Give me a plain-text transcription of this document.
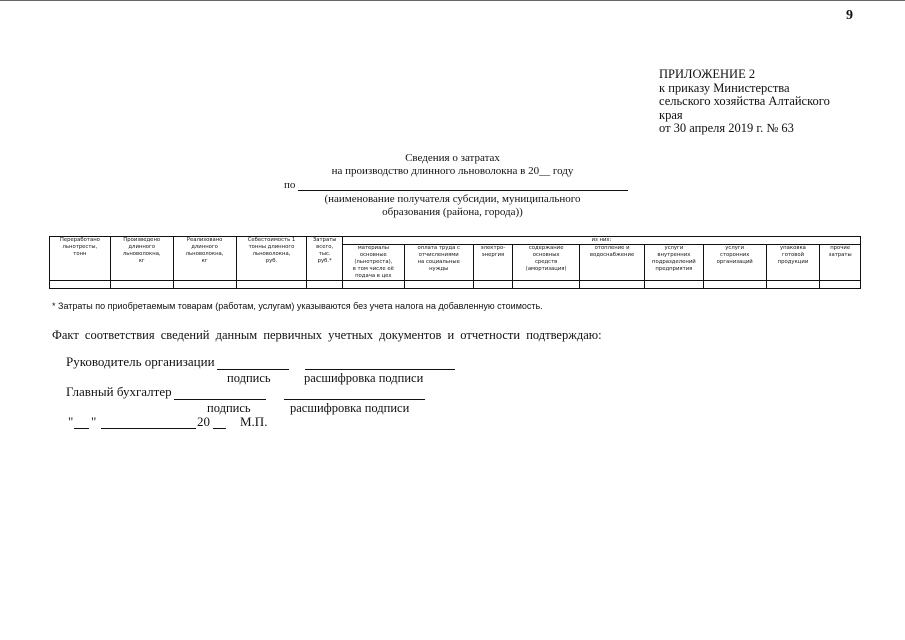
9
ПРИЛОЖЕНИЕ 2
к приказу Министерства
сельского хозяйства Алтайского
края
от 30 апреля 2019 г. № 63
Сведения о затратах
на производство длинного льноволокна в 20__ году
по
(наименование получателя субсидии, муниципального
образования (района, города))
Переработано
льнотресты,
тонн	Произведено
длинного
льноволокна,
кг	Реализовано
длинного
льноволокна,
кг	Себестоимость 1
тонны длинного
льноволокна,
руб.	Затраты
всего,
тыс.
руб.*	из них:								

					материалы
основные
(льнотреста),
в том числе её
подача в цех	оплата труда с
отчислениями
на социальные
нужды	электро-
энергия	содержание
основных
средств
(амортизация)	отопление и
водоснабжение	услуги
внутренних
подразделений
предприятия	услуги
сторонних
организаций	упаковка
готовой
продукции	прочие
затраты

* Затраты по приобретаемым товарам (работам, услугам) указываются без учета налога на добавленную стоимость.
Факт соответствия сведений данным первичных учетных документов и отчетности подтверждаю:
Руководитель организации
подпись	расшифровка подписи
Главный бухгалтер
подпись	расшифровка подписи
" "	20 М.П.
